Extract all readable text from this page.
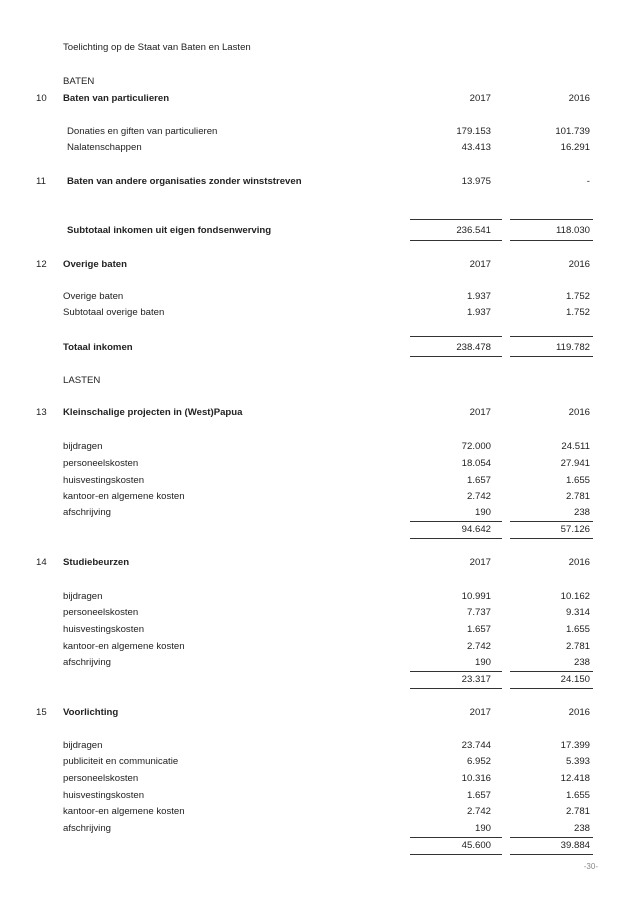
Toelichting op de Staat van Baten en Lasten
BATEN
10 Baten van particulieren	2017	2016
Donaties en giften van particulieren	179.153	101.739
Nalatenschappen	43.413	16.291
11 Baten van andere organisaties zonder winststreven	13.975	-
Subtotaal inkomen uit eigen fondsenwerving	236.541	118.030
12 Overige baten	2017	2016
Overige baten	1.937	1.752
Subtotaal overige baten	1.937	1.752
Totaal inkomen	238.478	119.782
LASTEN
13 Kleinschalige projecten in (West)Papua	2017	2016
bijdragen	72.000	24.511
personeelskosten	18.054	27.941
huisvestingskosten	1.657	1.655
kantoor-en algemene kosten	2.742	2.781
afschrijving	190	238
94.642	57.126
14 Studiebeurzen	2017	2016
bijdragen	10.991	10.162
personeelskosten	7.737	9.314
huisvestingskosten	1.657	1.655
kantoor-en algemene kosten	2.742	2.781
afschrijving	190	238
23.317	24.150
15 Voorlichting	2017	2016
bijdragen	23.744	17.399
publiciteit en communicatie	6.952	5.393
personeelskosten	10.316	12.418
huisvestingskosten	1.657	1.655
kantoor-en algemene kosten	2.742	2.781
afschrijving	190	238
45.600	39.884
-30-
